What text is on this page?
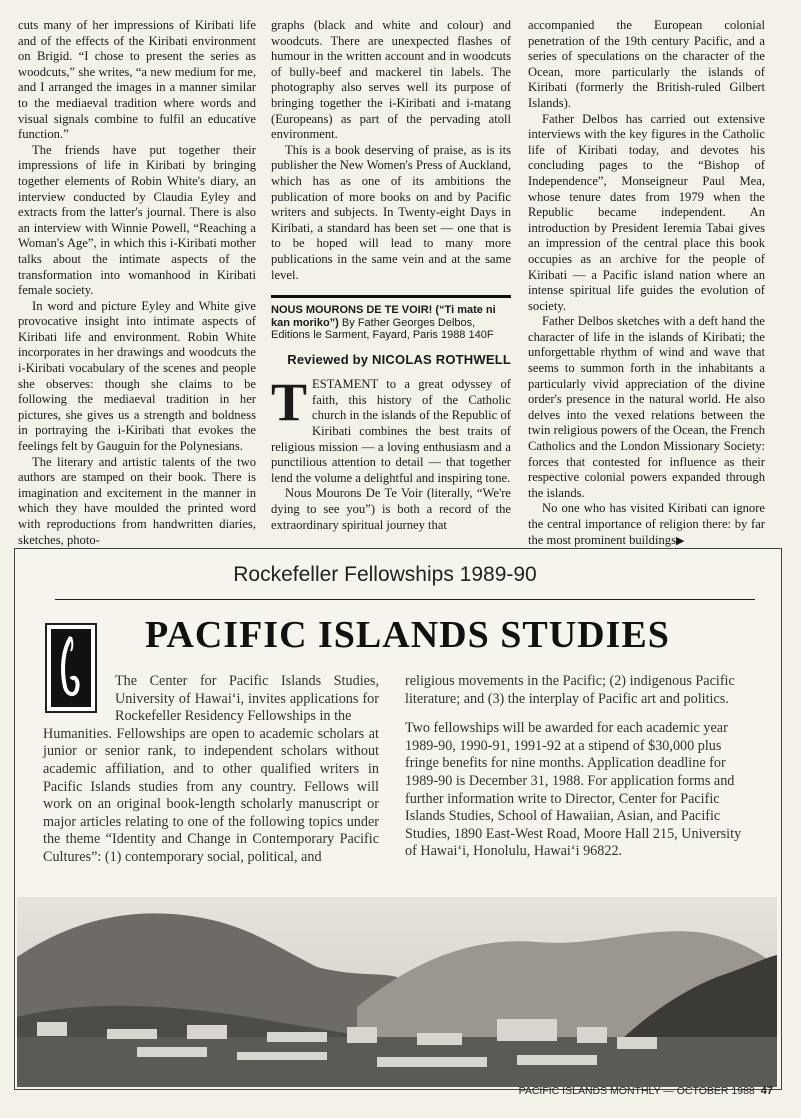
cuts many of her impressions of Kiribati life and of the effects of the Kiribati environment on Brigid. “I chose to present the series as woodcuts,” she writes, “a new medium for me, and I arranged the images in a manner similar to the mediaeval tradition where words and visual signals combine to fulfil an educative function.”

The friends have put together their impressions of life in Kiribati by bringing together elements of Robin White's diary, an interview conducted by Claudia Eyley and extracts from the latter's journal. There is also an interview with Winnie Powell, “Reaching a Woman's Age”, in which this i-Kiribati mother talks about the intimate aspects of the transformation into womanhood in Kiribati female society.

In word and picture Eyley and White give provocative insight into intimate aspects of Kiribati life and environment. Robin White incorporates in her drawings and woodcuts the i-Kiribati vocabulary of the scenes and people she observes: though she claims to be following the mediaeval tradition in her pictures, she gives us a strength and boldness in portraying the i-Kiribati that evokes the feelings felt by Gauguin for the Polynesians.

The literary and artistic talents of the two authors are stamped on their book. There is imagination and excitement in the manner in which they have moulded the printed word with reproductions from handwritten diaries, sketches, photo-

graphs (black and white and colour) and woodcuts. There are unexpected flashes of humour in the written account and in woodcuts of bully-beef and mackerel tin labels. The photography also serves well its purpose of bringing together the i-Kiribati and i-matang (Europeans) as part of the pervading atoll environment.

This is a book deserving of praise, as is its publisher the New Women's Press of Auckland, which has as one of its ambitions the publication of more books on and by Pacific writers and subjects. In Twenty-eight Days in Kiribati, a standard has been set — one that is to be hoped will lead to many more publications in the same vein and at the same level.

NOUS MOURONS DE TE VOIR! (“Ti mate ni kan moriko”) By Father Georges Delbos,
Editions le Sarment, Fayard, Paris 1988 140F
Reviewed by NICOLAS ROTHWELL

TESTAMENT to a great odyssey of faith, this history of the Catholic church in the islands of the Republic of Kiribati combines the best traits of religious mission — a loving enthusiasm and a punctilious attention to detail — that together lend the volume a delightful and inspiring tone.

Nous Mourons De Te Voir (literally, “We're dying to see you”) is both a record of the extraordinary spiritual journey that

accompanied the European colonial penetration of the 19th century Pacific, and a series of speculations on the character of the Ocean, more particularly the islands of Kiribati (formerly the British-ruled Gilbert Islands).

Father Delbos has carried out extensive interviews with the key figures in the Catholic life of Kiribati today, and devotes his concluding pages to the “Bishop of Independence”, Monseigneur Paul Mea, whose tenure dates from 1979 when the Republic became independent. An introduction by President Ieremia Tabai gives an impression of the central place this book occupies as an archive for the people of Kiribati — a Pacific island nation where an intense spiritual life guides the evolution of society.

Father Delbos sketches with a deft hand the character of life in the islands of Kiribati; the unforgettable rhythm of wind and wave that seems to summon forth in the inhabitants a particularly vivid appreciation of the divine order's presence in the natural world. He also delves into the vexed relations between the twin religious powers of the Ocean, the French Catholics and the London Missionary Society: forces that contested for influence as their respective colonial powers expanded through the islands.

No one who has visited Kiribati can ignore the central importance of religion there: by far the most prominent buildings▶

Rockefeller Fellowships 1989-90
PACIFIC ISLANDS STUDIES

The Center for Pacific Islands Studies, University of Hawai‘i, invites applications for Rockefeller Residency Fellowships in the

Humanities. Fellowships are open to academic scholars at junior or senior rank, to independent scholars without academic affiliation, and to other qualified writers in Pacific Islands studies from any country. Fellows will work on an original book-length scholarly manuscript or major articles relating to one of the following topics under the theme “Identity and Change in Contemporary Pacific Cultures”: (1) contemporary social, political, and

religious movements in the Pacific; (2) indigenous Pacific literature; and (3) the interplay of Pacific art and politics.

Two fellowships will be awarded for each academic year 1989-90, 1990-91, 1991-92 at a stipend of $30,000 plus fringe benefits for nine months. Application deadline for 1989-90 is December 31, 1988. For application forms and further information write to Director, Center for Pacific Islands Studies, School of Hawaiian, Asian, and Pacific Studies, 1890 East-West Road, Moore Hall 215, University of Hawai‘i, Honolulu, Hawai‘i 96822.

PACIFIC ISLANDS MONTHLY — OCTOBER 1988 47
